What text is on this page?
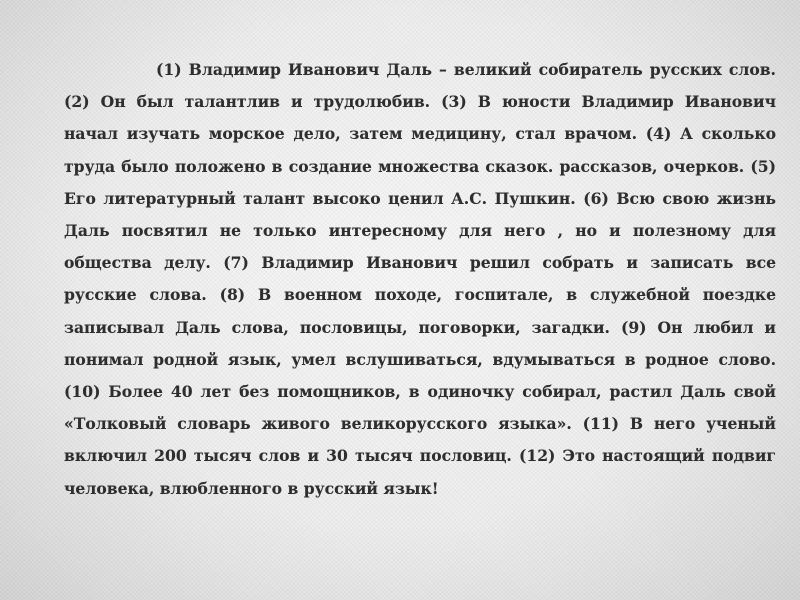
(1) Владимир Иванович Даль – великий собиратель русских слов. (2) Он был талантлив и трудолюбив. (3) В юности Владимир Иванович начал изучать морское дело, затем медицину, стал врачом. (4) А сколько труда было положено в создание множества сказок. рассказов, очерков. (5) Его литературный талант высоко ценил А.С. Пушкин. (6) Всю свою жизнь Даль посвятил не только интересному для него , но и полезному для общества делу. (7) Владимир Иванович решил собрать и записать все русские слова. (8) В военном походе, госпитале, в служебной поездке записывал Даль слова, пословицы, поговорки, загадки. (9) Он любил и понимал родной язык, умел вслушиваться, вдумываться в родное слово. (10) Более 40 лет без помощников, в одиночку собирал, растил Даль свой «Толковый словарь живого великорусского языка». (11) В него ученый включил 200 тысяч слов и 30 тысяч пословиц. (12) Это настоящий подвиг человека, влюбленного в русский язык!
